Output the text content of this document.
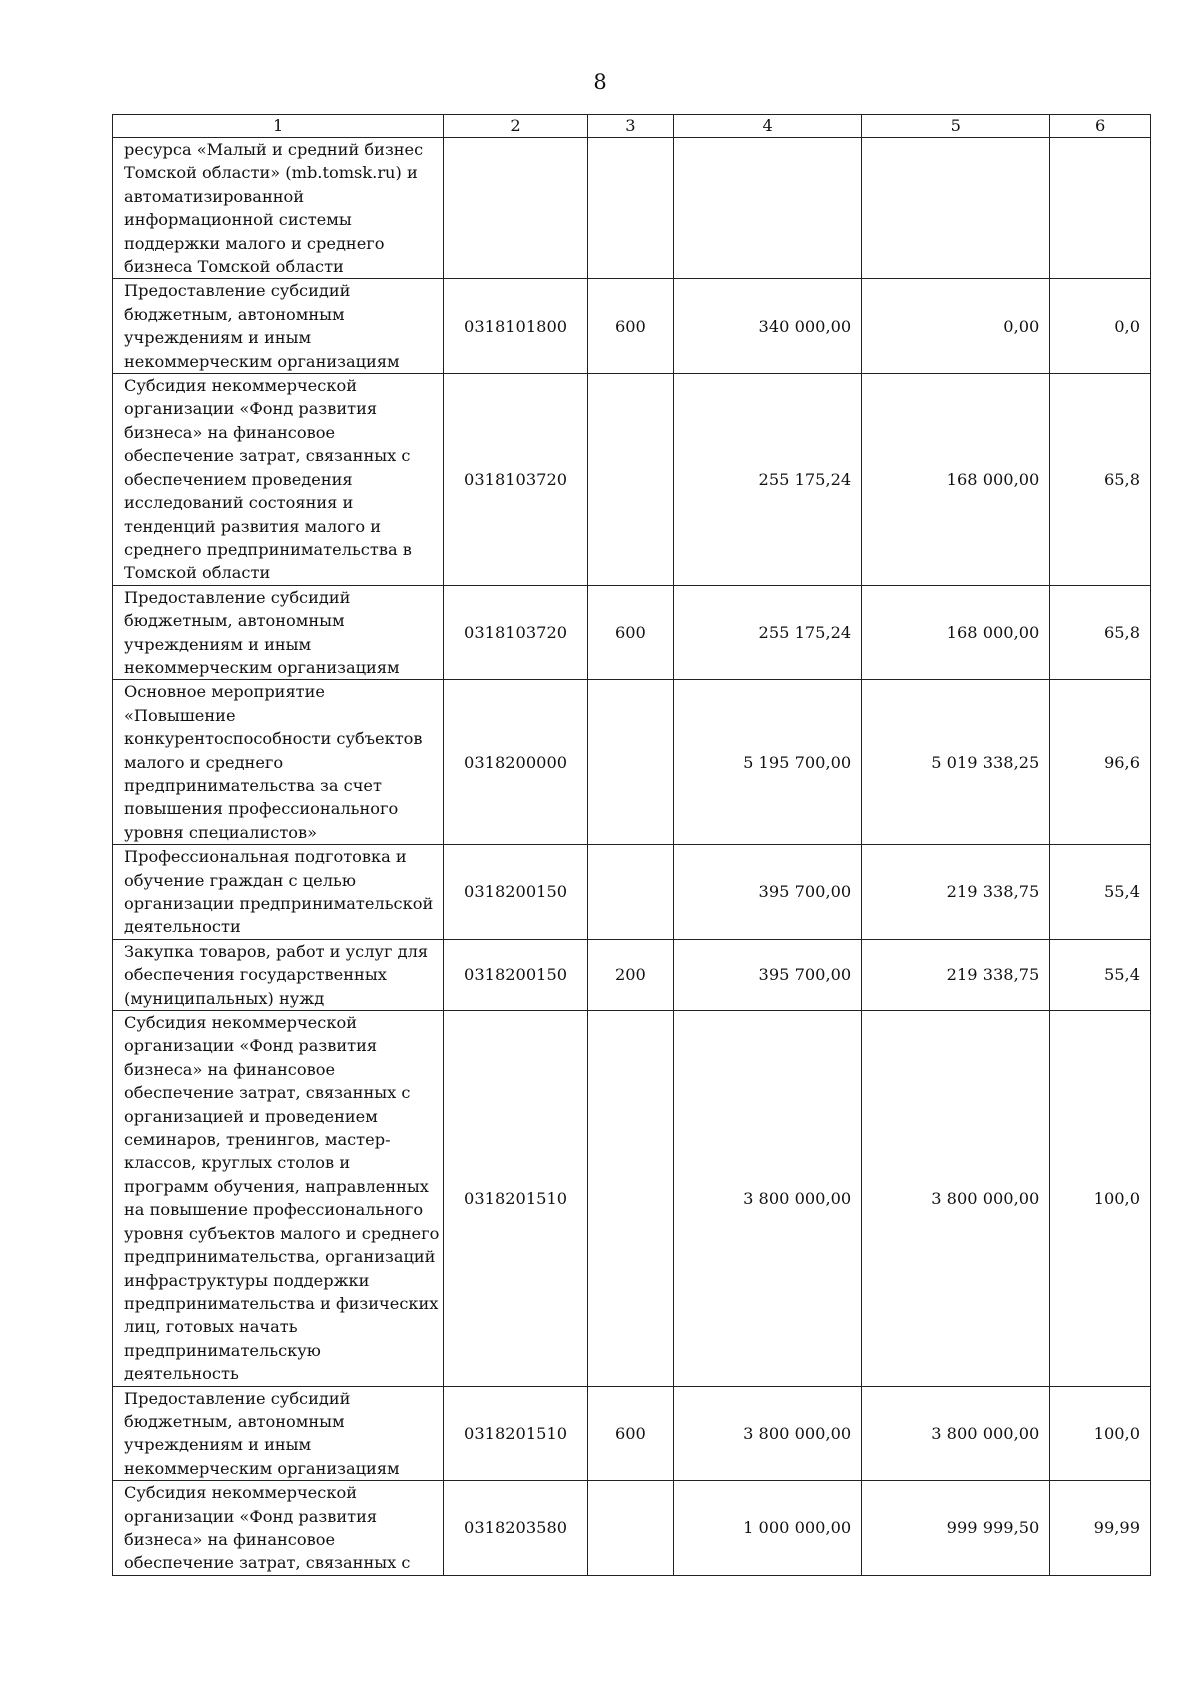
8
1	2	3	4	5	6
ресурса «Малый и средний бизнес Томской области» (mb.tomsk.ru) и автоматизированной информационной системы поддержки малого и среднего бизнеса Томской области					
Предоставление субсидий бюджетным, автономным учреждениям и иным некоммерческим организациям	0318101800	600	340 000,00	0,00	0,0
Субсидия некоммерческой организации «Фонд развития бизнеса» на финансовое обеспечение затрат, связанных с обеспечением проведения исследований состояния и тенденций развития малого и среднего предпринимательства в Томской области	0318103720		255 175,24	168 000,00	65,8
Предоставление субсидий бюджетным, автономным учреждениям и иным некоммерческим организациям	0318103720	600	255 175,24	168 000,00	65,8
Основное мероприятие «Повышение конкурентоспособности субъектов малого и среднего предпринимательства за счет повышения профессионального уровня специалистов»	0318200000		5 195 700,00	5 019 338,25	96,6
Профессиональная подготовка и обучение граждан с целью организации предпринимательской деятельности	0318200150		395 700,00	219 338,75	55,4
Закупка товаров, работ и услуг для обеспечения государственных (муниципальных) нужд	0318200150	200	395 700,00	219 338,75	55,4
Субсидия некоммерческой организации «Фонд развития бизнеса» на финансовое обеспечение затрат, связанных с организацией и проведением семинаров, тренингов, мастер-классов, круглых столов и программ обучения, направленных на повышение профессионального уровня субъектов малого и среднего предпринимательства, организаций инфраструктуры поддержки предпринимательства и физических лиц, готовых начать предпринимательскую деятельность	0318201510		3 800 000,00	3 800 000,00	100,0
Предоставление субсидий бюджетным, автономным учреждениям и иным некоммерческим организациям	0318201510	600	3 800 000,00	3 800 000,00	100,0
Субсидия некоммерческой организации «Фонд развития бизнеса» на финансовое обеспечение затрат, связанных с	0318203580		1 000 000,00	999 999,50	99,99
